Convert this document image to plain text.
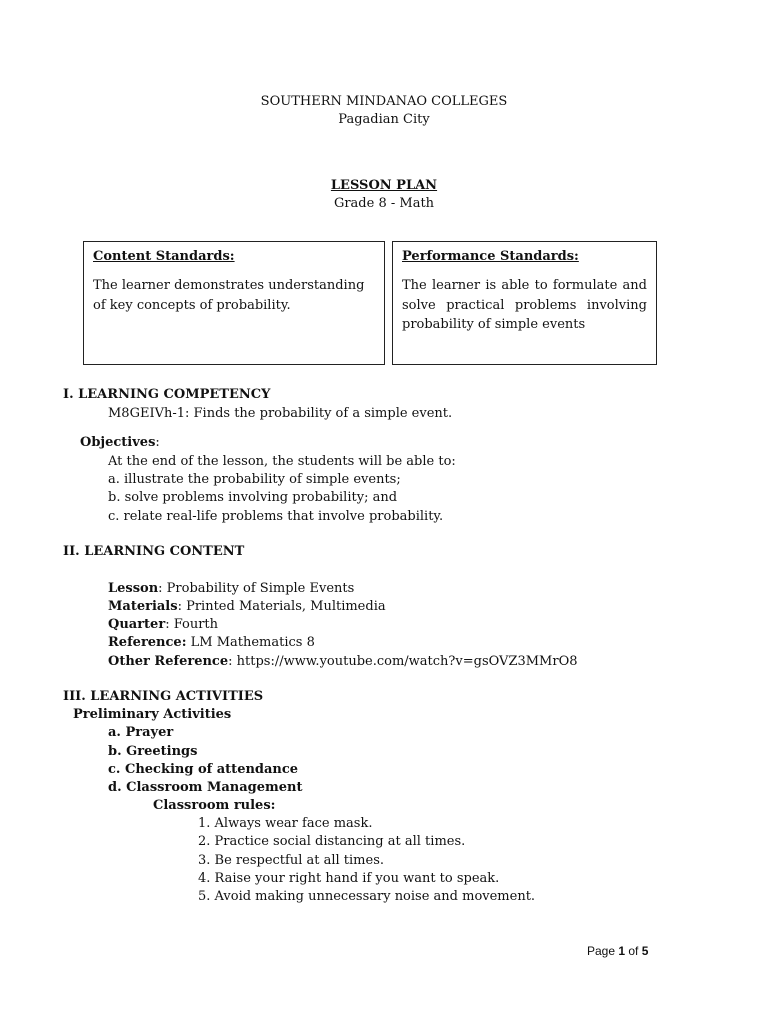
SOUTHERN MINDANAO COLLEGES
Pagadian City
LESSON PLAN
Grade 8 - Math
Content Standards:
The learner demonstrates understanding of key concepts of probability.
Performance Standards:
The learner is able to formulate and solve practical problems involving probability of simple events
I. LEARNING COMPETENCY
M8GEIVh-1: Finds the probability of a simple event.
Objectives:
At the end of the lesson, the students will be able to:
a. illustrate the probability of simple events;
b. solve problems involving probability; and
c. relate real-life problems that involve probability.
II. LEARNING CONTENT
Lesson: Probability of Simple Events
Materials: Printed Materials, Multimedia
Quarter: Fourth
Reference: LM Mathematics 8
Other Reference: https://www.youtube.com/watch?v=gsOVZ3MMrO8
III. LEARNING ACTIVITIES
Preliminary Activities
a. Prayer
b. Greetings
c. Checking of attendance
d. Classroom Management
Classroom rules:
1. Always wear face mask.
2. Practice social distancing at all times.
3. Be respectful at all times.
4. Raise your right hand if you want to speak.
5. Avoid making unnecessary noise and movement.
Page 1 of 5
